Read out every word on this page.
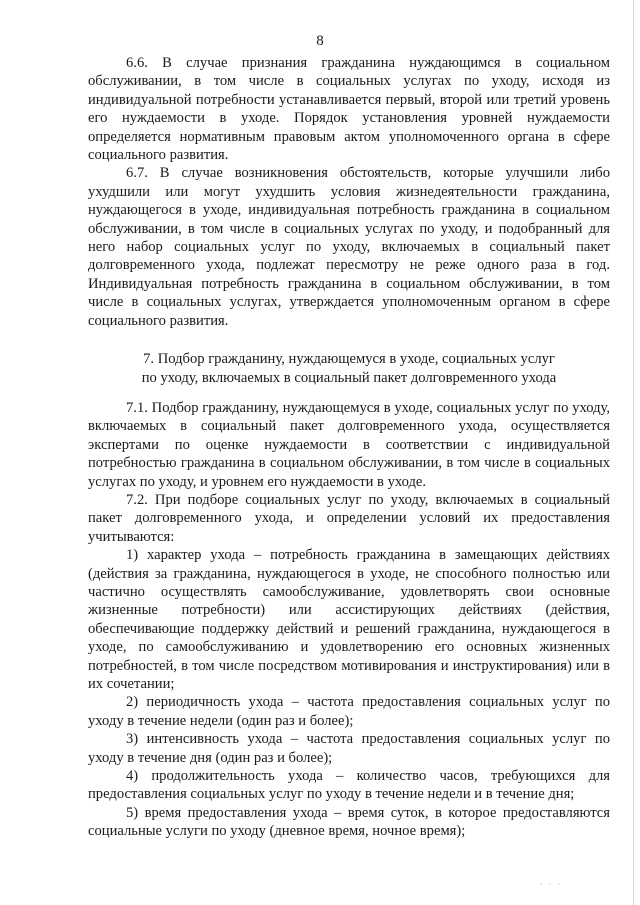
8

6.6. В случае признания гражданина нуждающимся в социальном обслуживании, в том числе в социальных услугах по уходу, исходя из индивидуальной потребности устанавливается первый, второй или третий уровень его нуждаемости в уходе. Порядок установления уровней нуждаемости определяется нормативным правовым актом уполномоченного органа в сфере социального развития.

6.7. В случае возникновения обстоятельств, которые улучшили либо ухудшили или могут ухудшить условия жизнедеятельности гражданина, нуждающегося в уходе, индивидуальная потребность гражданина в социальном обслуживании, в том числе в социальных услугах по уходу, и подобранный для него набор социальных услуг по уходу, включаемых в социальный пакет долговременного ухода, подлежат пересмотру не реже одного раза в год. Индивидуальная потребность гражданина в социальном обслуживании, в том числе в социальных услугах, утверждается уполномоченным органом в сфере социального развития.

7. Подбор гражданину, нуждающемуся в уходе, социальных услуг
по уходу, включаемых в социальный пакет долговременного ухода

7.1. Подбор гражданину, нуждающемуся в уходе, социальных услуг по уходу, включаемых в социальный пакет долговременного ухода, осуществляется экспертами по оценке нуждаемости в соответствии с индивидуальной потребностью гражданина в социальном обслуживании, в том числе в социальных услугах по уходу, и уровнем его нуждаемости в уходе.

7.2. При подборе социальных услуг по уходу, включаемых в социальный пакет долговременного ухода, и определении условий их предоставления учитываются:

1) характер ухода – потребность гражданина в замещающих действиях (действия за гражданина, нуждающегося в уходе, не способного полностью или частично осуществлять самообслуживание, удовлетворять свои основные жизненные потребности) или ассистирующих действиях (действия, обеспечивающие поддержку действий и решений гражданина, нуждающегося в уходе, по самообслуживанию и удовлетворению его основных жизненных потребностей, в том числе посредством мотивирования и инструктирования) или в их сочетании;

2) периодичность ухода – частота предоставления социальных услуг по уходу в течение недели (один раз и более);

3) интенсивность ухода – частота предоставления социальных услуг по уходу в течение дня (один раз и более);

4) продолжительность ухода – количество часов, требующихся для предоставления социальных услуг по уходу в течение недели и в течение дня;

5) время предоставления ухода – время суток, в которое предоставляются социальные услуги по уходу (дневное время, ночное время);

· · ·
